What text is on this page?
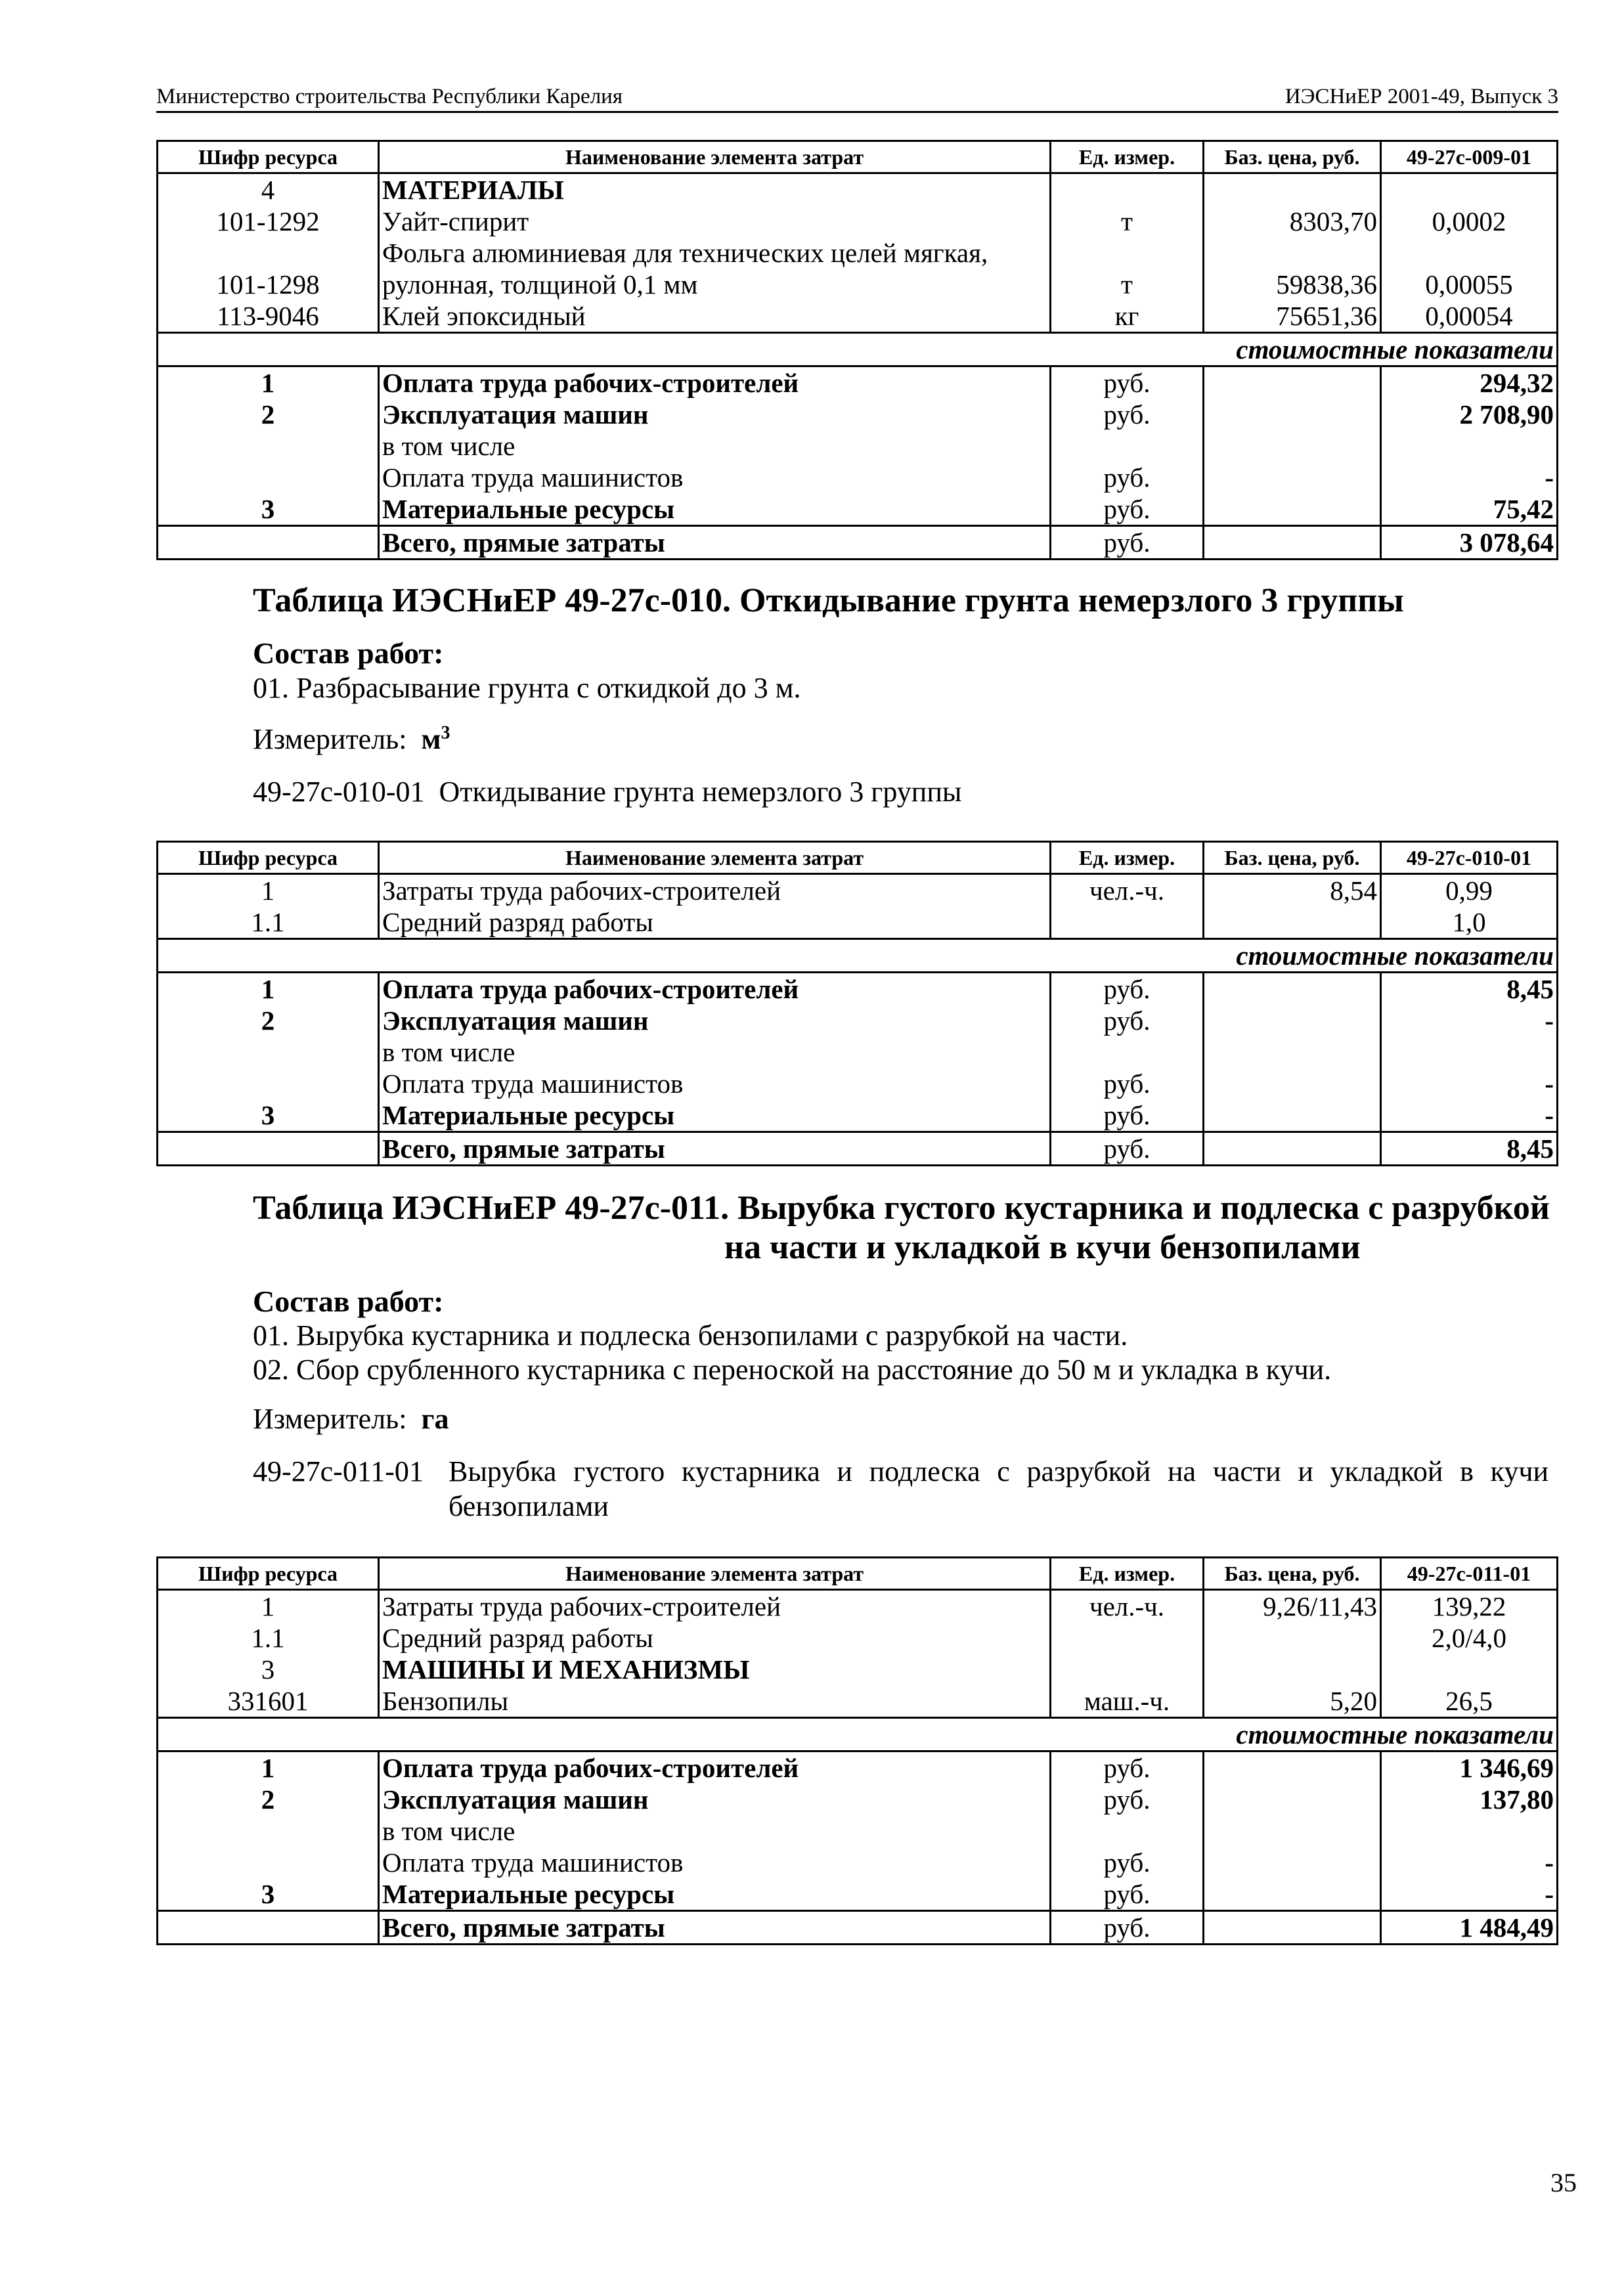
Министерство строительства Республики Карелия	ИЭСНиЕР 2001-49, Выпуск 3
Шифр ресурса	Наименование элемента затрат	Ед. измер.	Баз. цена, руб.	49-27с-009-01
4	МАТЕРИАЛЫ			
101-1292	Уайт-спирит	т	8303,70	0,0002
	Фольга алюминиевая для технических целей мягкая,			
101-1298	рулонная, толщиной 0,1 мм	т	59838,36	0,00055
113-9046	Клей эпоксидный	кг	75651,36	0,00054
стоимостные показатели				
1	Оплата труда рабочих-строителей	руб.		294,32
2	Эксплуатация машин	руб.		2 708,90
	в том числе			
	Оплата труда машинистов	руб.		-
3	Материальные ресурсы	руб.		75,42
	Всего, прямые затраты	руб.		3 078,64
Таблица ИЭСНиЕР 49-27с-010. Откидывание грунта немерзлого 3 группы
Состав работ:
01. Разбрасывание грунта с откидкой до 3 м.
Измеритель: $м^3$
49-27с-010-01 Откидывание грунта немерзлого 3 группы
Шифр ресурса	Наименование элемента затрат	Ед. измер.	Баз. цена, руб.	49-27с-010-01
1	Затраты труда рабочих-строителей	чел.-ч.	8,54	0,99
1.1	Средний разряд работы			1,0
стоимостные показатели				
1	Оплата труда рабочих-строителей	руб.		8,45
2	Эксплуатация машин	руб.		-
	в том числе			
	Оплата труда машинистов	руб.		-
3	Материальные ресурсы	руб.		-
	Всего, прямые затраты	руб.		8,45
Таблица ИЭСНиЕР 49-27с-011. Вырубка густого кустарника и подлеска с разрубкой
на части и укладкой в кучи бензопилами
Состав работ:
01. Вырубка кустарника и подлеска бензопилами с разрубкой на части.
02. Сбор срубленного кустарника с переноской на расстояние до 50 м и укладка в кучи.
Измеритель: га
49-27с-011-01 Вырубка густого кустарника и подлеска с разрубкой на части и укладкой в кучи
бензопилами
Шифр ресурса	Наименование элемента затрат	Ед. измер.	Баз. цена, руб.	49-27с-011-01
1	Затраты труда рабочих-строителей	чел.-ч.	9,26/11,43	139,22
1.1	Средний разряд работы			2,0/4,0
3	МАШИНЫ И МЕХАНИЗМЫ			
331601	Бензопилы	маш.-ч.	5,20	26,5
стоимостные показатели				
1	Оплата труда рабочих-строителей	руб.		1 346,69
2	Эксплуатация машин	руб.		137,80
	в том числе			
	Оплата труда машинистов	руб.		-
3	Материальные ресурсы	руб.		-
	Всего, прямые затраты	руб.		1 484,49
35
